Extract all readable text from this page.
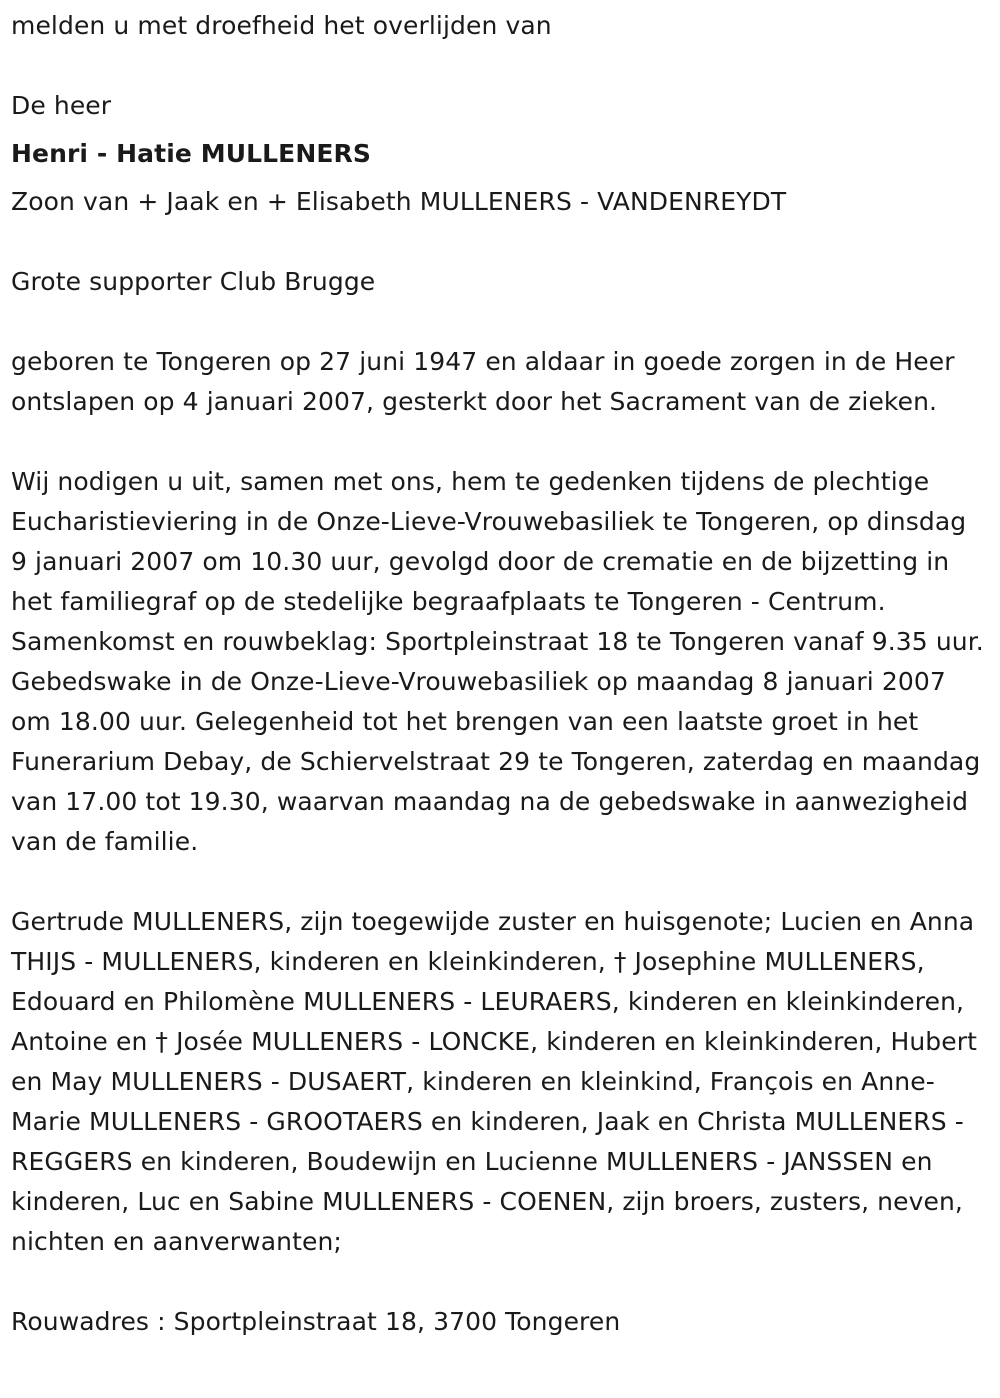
melden u met droefheid het overlijden van

De heer

Henri - Hatie MULLENERS

Zoon van + Jaak en + Elisabeth MULLENERS - VANDENREYDT

Grote supporter Club Brugge

geboren te Tongeren op 27 juni 1947 en aldaar in goede zorgen in de Heer ontslapen op 4 januari 2007, gesterkt door het Sacrament van de zieken.

Wij nodigen u uit, samen met ons, hem te gedenken tijdens de plechtige Eucharistieviering in de Onze-Lieve-Vrouwebasiliek te Tongeren, op dinsdag 9 januari 2007 om 10.30 uur, gevolgd door de crematie en de bijzetting in het familiegraf op de stedelijke begraafplaats te Tongeren - Centrum. Samenkomst en rouwbeklag: Sportpleinstraat 18 te Tongeren vanaf 9.35 uur. Gebedswake in de Onze-Lieve-Vrouwebasiliek op maandag 8 januari 2007 om 18.00 uur. Gelegenheid tot het brengen van een laatste groet in het Funerarium Debay, de Schiervelstraat 29 te Tongeren, zaterdag en maandag van 17.00 tot 19.30, waarvan maandag na de gebedswake in aanwezigheid van de familie.

Gertrude MULLENERS, zijn toegewijde zuster en huisgenote; Lucien en Anna THIJS - MULLENERS, kinderen en kleinkinderen, † Josephine MULLENERS, Edouard en Philomène MULLENERS - LEURAERS, kinderen en kleinkinderen, Antoine en † Josée MULLENERS - LONCKE, kinderen en kleinkinderen, Hubert en May MULLENERS - DUSAERT, kinderen en kleinkind, François en Anne-Marie MULLENERS - GROOTAERS en kinderen, Jaak en Christa MULLENERS - REGGERS en kinderen, Boudewijn en Lucienne MULLENERS - JANSSEN en kinderen, Luc en Sabine MULLENERS - COENEN, zijn broers, zusters, neven, nichten en aanverwanten;

Rouwadres : Sportpleinstraat 18, 3700 Tongeren
